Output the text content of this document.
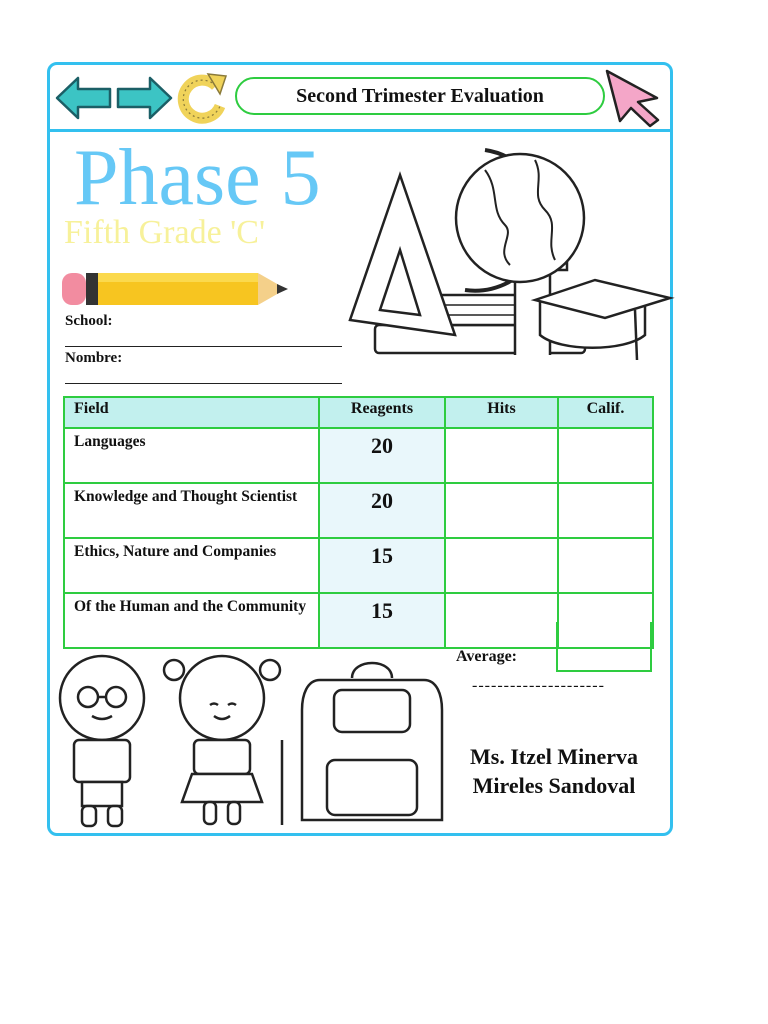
Second Trimester Evaluation
Phase 5
Fifth Grade 'C'
School:
Nombre:
Field	Reagents	Hits	Calif.
Languages	20		
Knowledge and Thought Scientist	20		
Ethics, Nature and Companies	15		
Of the Human and the Community	15		
Average:
---------------------
Ms. Itzel Minerva
Mireles Sandoval
